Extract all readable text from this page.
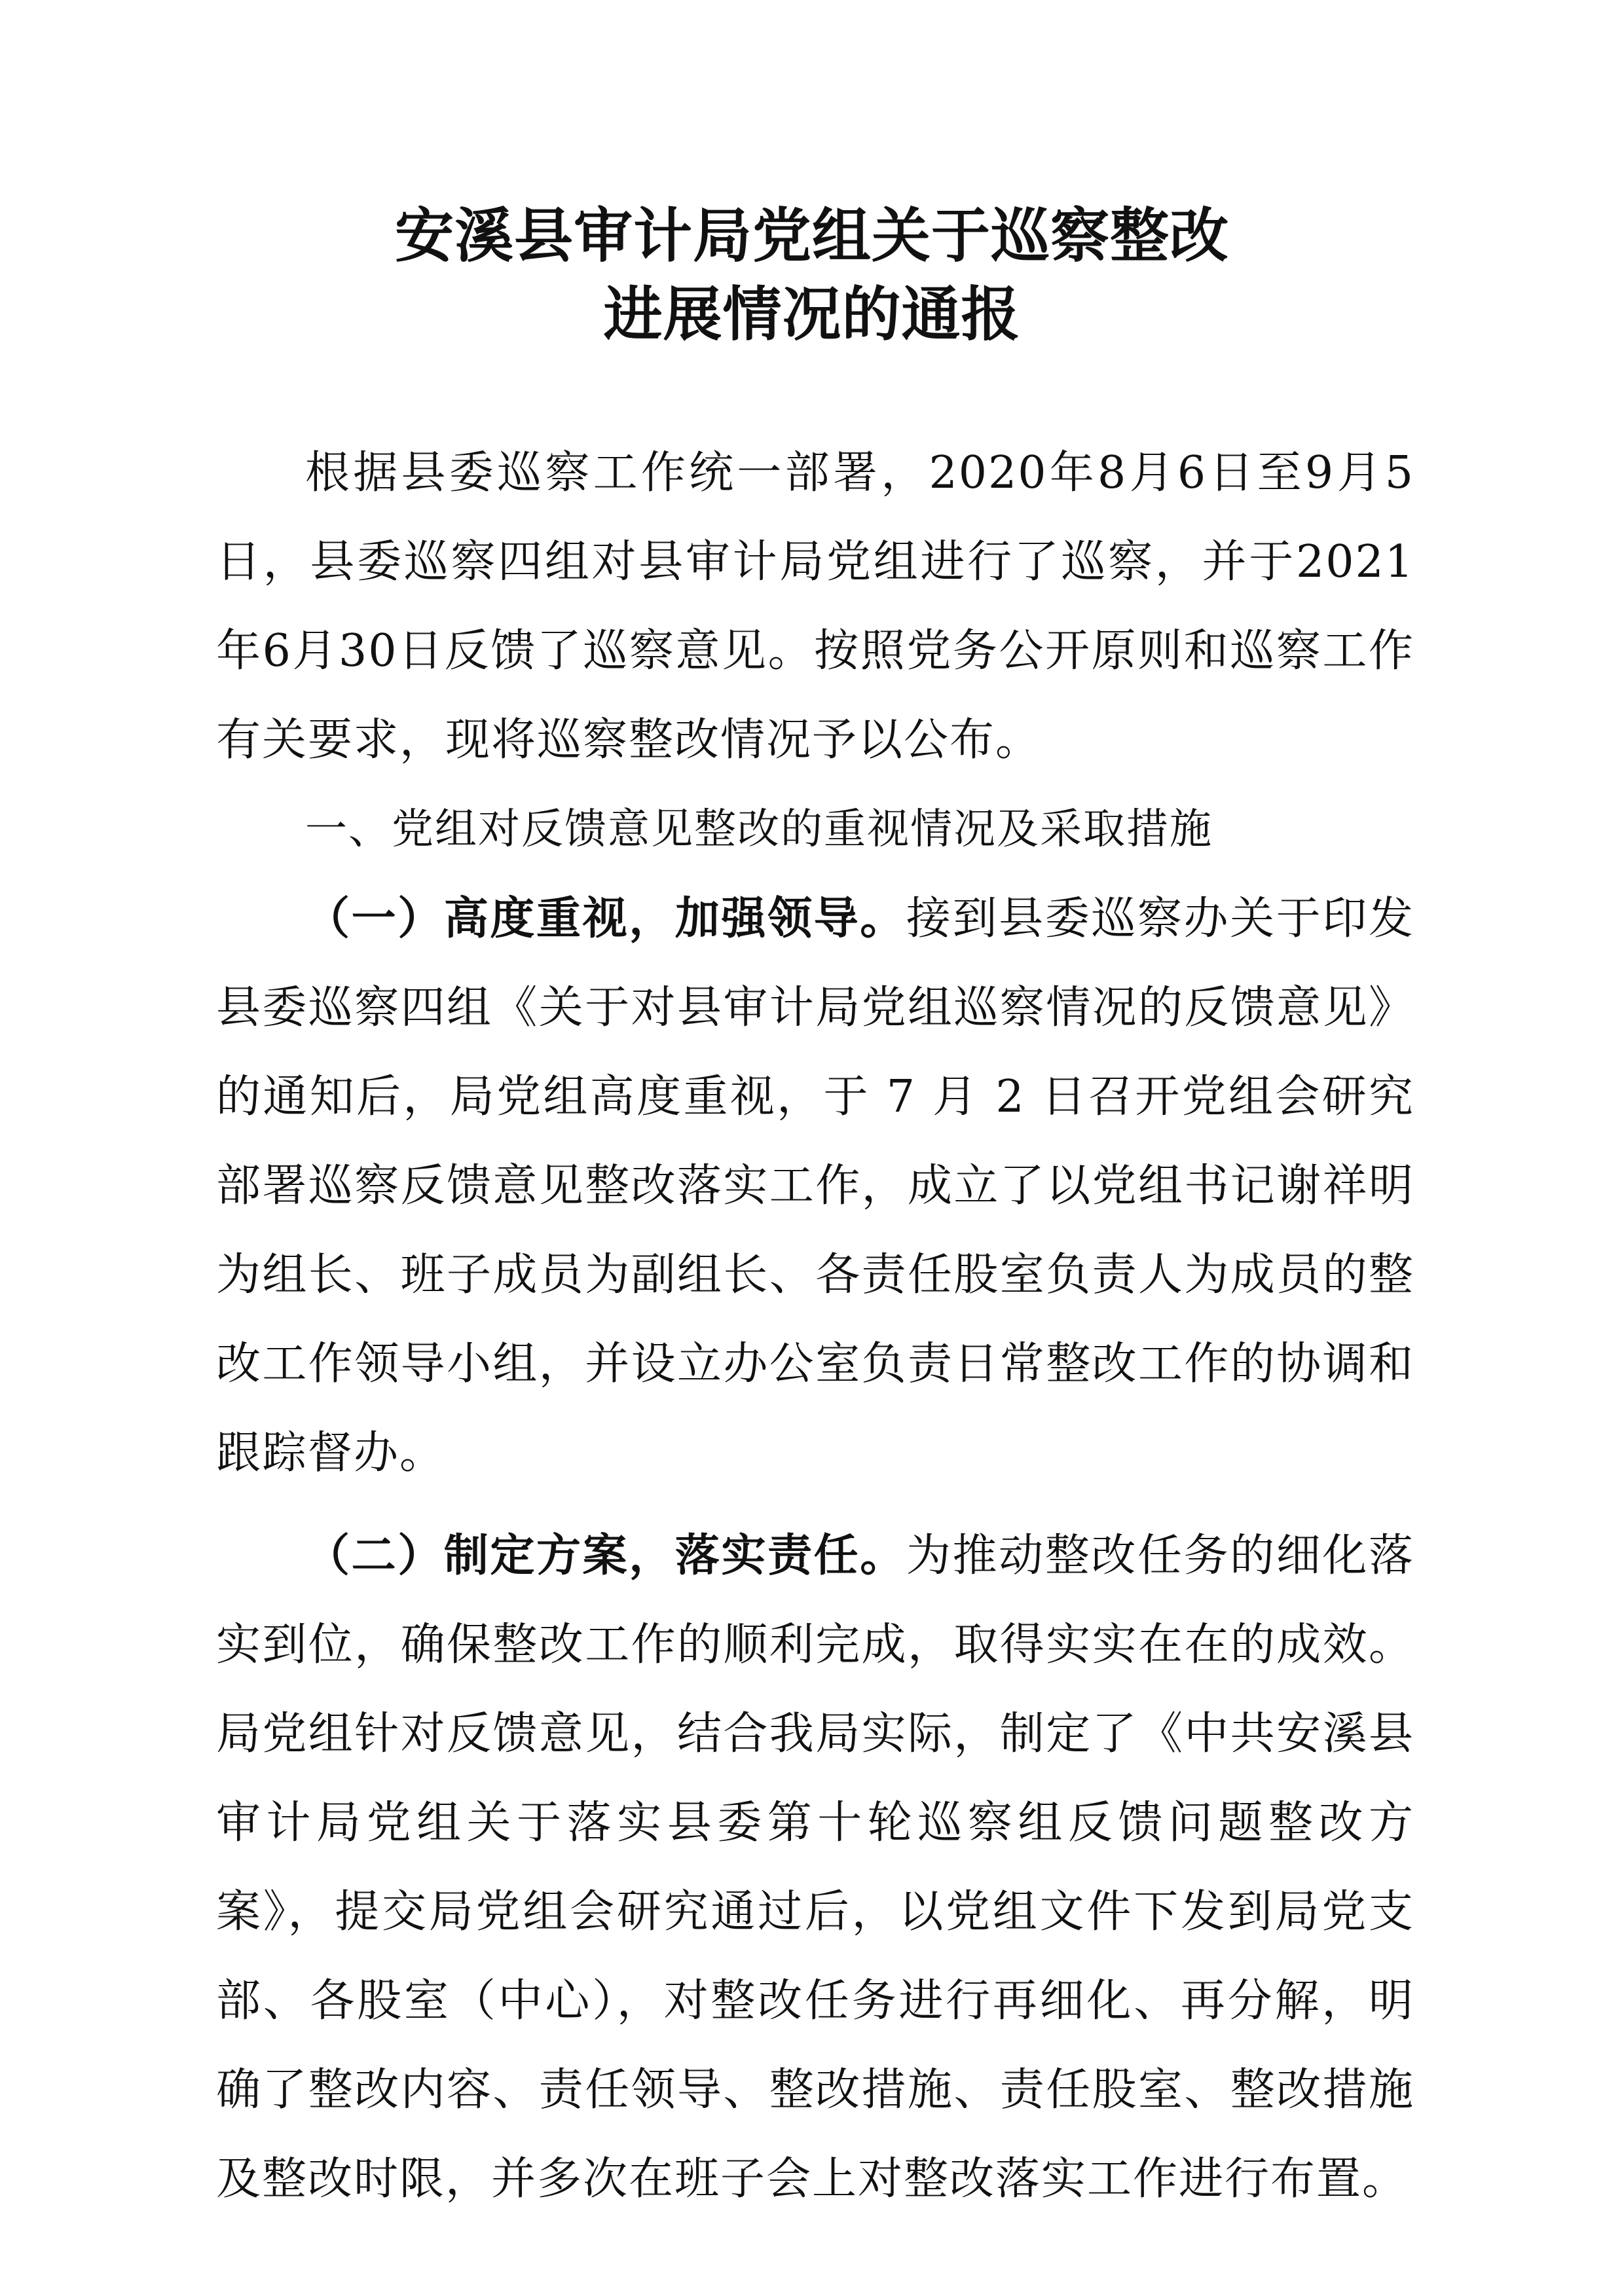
安溪县审计局党组关于巡察整改
进展情况的通报

根据县委巡察工作统一部署，2020年8月6日至9月5日，县委巡察四组对县审计局党组进行了巡察，并于2021年6月30日反馈了巡察意见。按照党务公开原则和巡察工作有关要求，现将巡察整改情况予以公布。

一、党组对反馈意见整改的重视情况及采取措施

（一）高度重视，加强领导。接到县委巡察办关于印发县委巡察四组《关于对县审计局党组巡察情况的反馈意见》的通知后，局党组高度重视，于 7 月 2 日召开党组会研究部署巡察反馈意见整改落实工作，成立了以党组书记谢祥明为组长、班子成员为副组长、各责任股室负责人为成员的整改工作领导小组，并设立办公室负责日常整改工作的协调和跟踪督办。

（二）制定方案，落实责任。为推动整改任务的细化落实到位，确保整改工作的顺利完成，取得实实在在的成效。局党组针对反馈意见，结合我局实际，制定了《中共安溪县审计局党组关于落实县委第十轮巡察组反馈问题整改方案》，提交局党组会研究通过后，以党组文件下发到局党支部、各股室（中心），对整改任务进行再细化、再分解，明确了整改内容、责任领导、整改措施、责任股室、整改措施及整改时限，并多次在班子会上对整改落实工作进行布置。
